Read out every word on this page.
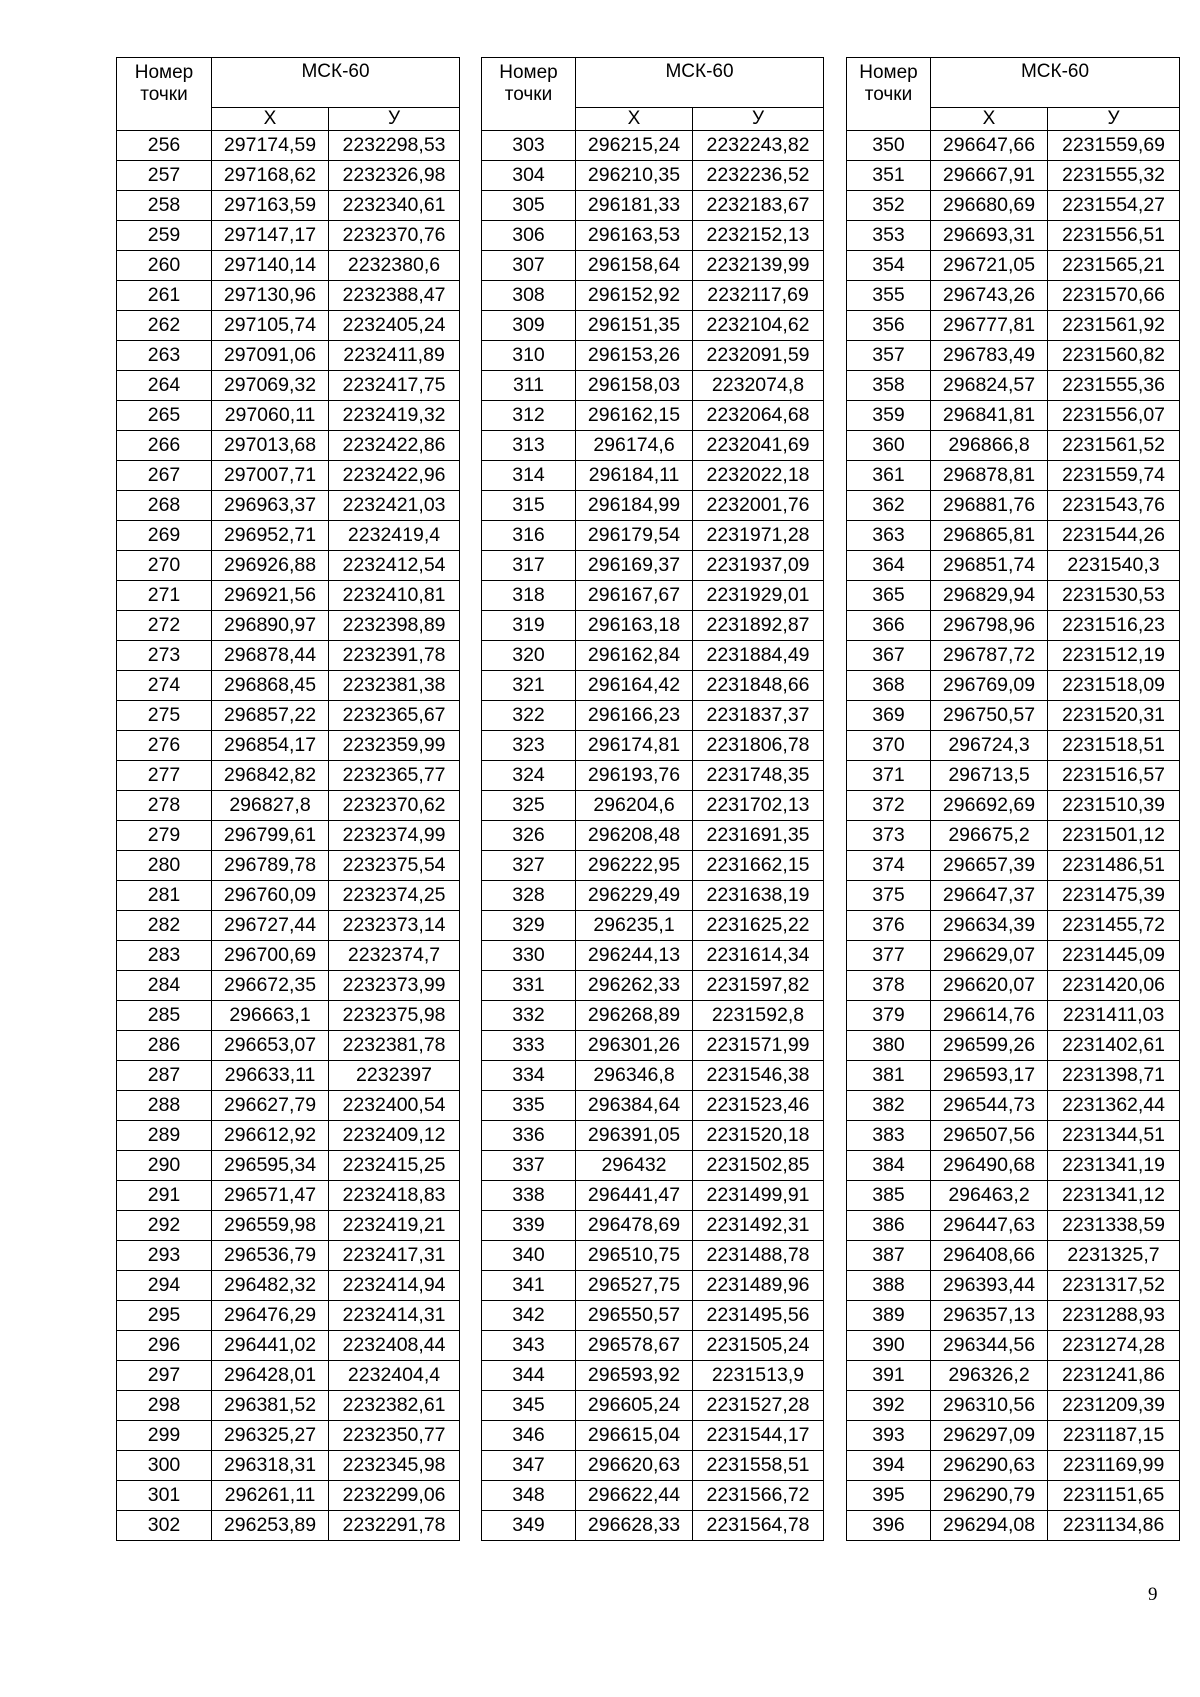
Номер
точки	МСК-60	
	Х	У
256	297174,59	2232298,53
257	297168,62	2232326,98
258	297163,59	2232340,61
259	297147,17	2232370,76
260	297140,14	2232380,6
261	297130,96	2232388,47
262	297105,74	2232405,24
263	297091,06	2232411,89
264	297069,32	2232417,75
265	297060,11	2232419,32
266	297013,68	2232422,86
267	297007,71	2232422,96
268	296963,37	2232421,03
269	296952,71	2232419,4
270	296926,88	2232412,54
271	296921,56	2232410,81
272	296890,97	2232398,89
273	296878,44	2232391,78
274	296868,45	2232381,38
275	296857,22	2232365,67
276	296854,17	2232359,99
277	296842,82	2232365,77
278	296827,8	2232370,62
279	296799,61	2232374,99
280	296789,78	2232375,54
281	296760,09	2232374,25
282	296727,44	2232373,14
283	296700,69	2232374,7
284	296672,35	2232373,99
285	296663,1	2232375,98
286	296653,07	2232381,78
287	296633,11	2232397
288	296627,79	2232400,54
289	296612,92	2232409,12
290	296595,34	2232415,25
291	296571,47	2232418,83
292	296559,98	2232419,21
293	296536,79	2232417,31
294	296482,32	2232414,94
295	296476,29	2232414,31
296	296441,02	2232408,44
297	296428,01	2232404,4
298	296381,52	2232382,61
299	296325,27	2232350,77
300	296318,31	2232345,98
301	296261,11	2232299,06
302	296253,89	2232291,78
Номер
точки	МСК-60	
	Х	У
303	296215,24	2232243,82
304	296210,35	2232236,52
305	296181,33	2232183,67
306	296163,53	2232152,13
307	296158,64	2232139,99
308	296152,92	2232117,69
309	296151,35	2232104,62
310	296153,26	2232091,59
311	296158,03	2232074,8
312	296162,15	2232064,68
313	296174,6	2232041,69
314	296184,11	2232022,18
315	296184,99	2232001,76
316	296179,54	2231971,28
317	296169,37	2231937,09
318	296167,67	2231929,01
319	296163,18	2231892,87
320	296162,84	2231884,49
321	296164,42	2231848,66
322	296166,23	2231837,37
323	296174,81	2231806,78
324	296193,76	2231748,35
325	296204,6	2231702,13
326	296208,48	2231691,35
327	296222,95	2231662,15
328	296229,49	2231638,19
329	296235,1	2231625,22
330	296244,13	2231614,34
331	296262,33	2231597,82
332	296268,89	2231592,8
333	296301,26	2231571,99
334	296346,8	2231546,38
335	296384,64	2231523,46
336	296391,05	2231520,18
337	296432	2231502,85
338	296441,47	2231499,91
339	296478,69	2231492,31
340	296510,75	2231488,78
341	296527,75	2231489,96
342	296550,57	2231495,56
343	296578,67	2231505,24
344	296593,92	2231513,9
345	296605,24	2231527,28
346	296615,04	2231544,17
347	296620,63	2231558,51
348	296622,44	2231566,72
349	296628,33	2231564,78
Номер
точки	МСК-60	
	Х	У
350	296647,66	2231559,69
351	296667,91	2231555,32
352	296680,69	2231554,27
353	296693,31	2231556,51
354	296721,05	2231565,21
355	296743,26	2231570,66
356	296777,81	2231561,92
357	296783,49	2231560,82
358	296824,57	2231555,36
359	296841,81	2231556,07
360	296866,8	2231561,52
361	296878,81	2231559,74
362	296881,76	2231543,76
363	296865,81	2231544,26
364	296851,74	2231540,3
365	296829,94	2231530,53
366	296798,96	2231516,23
367	296787,72	2231512,19
368	296769,09	2231518,09
369	296750,57	2231520,31
370	296724,3	2231518,51
371	296713,5	2231516,57
372	296692,69	2231510,39
373	296675,2	2231501,12
374	296657,39	2231486,51
375	296647,37	2231475,39
376	296634,39	2231455,72
377	296629,07	2231445,09
378	296620,07	2231420,06
379	296614,76	2231411,03
380	296599,26	2231402,61
381	296593,17	2231398,71
382	296544,73	2231362,44
383	296507,56	2231344,51
384	296490,68	2231341,19
385	296463,2	2231341,12
386	296447,63	2231338,59
387	296408,66	2231325,7
388	296393,44	2231317,52
389	296357,13	2231288,93
390	296344,56	2231274,28
391	296326,2	2231241,86
392	296310,56	2231209,39
393	296297,09	2231187,15
394	296290,63	2231169,99
395	296290,79	2231151,65
396	296294,08	2231134,86
9
